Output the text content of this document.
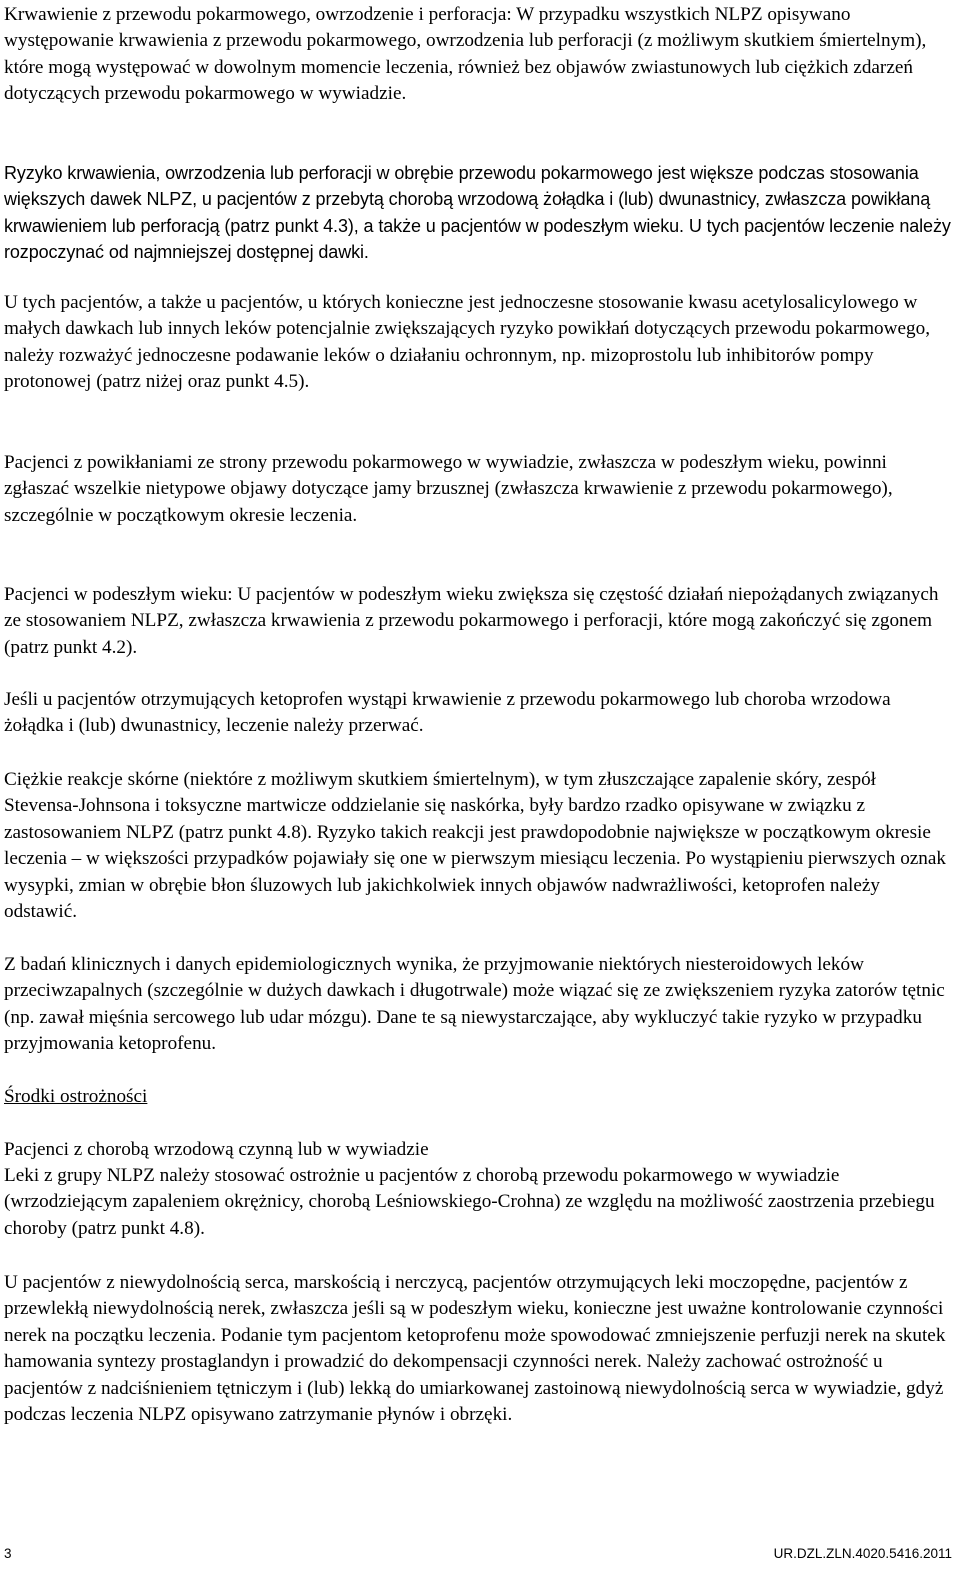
Krwawienie z przewodu pokarmowego, owrzodzenie i perforacja: W przypadku wszystkich NLPZ opisywano występowanie krwawienia z przewodu pokarmowego, owrzodzenia lub perforacji (z możliwym skutkiem śmiertelnym), które mogą występować w dowolnym momencie leczenia, również bez objawów zwiastunowych lub ciężkich zdarzeń dotyczących przewodu pokarmowego w wywiadzie.

Ryzyko krwawienia, owrzodzenia lub perforacji w obrębie przewodu pokarmowego jest większe podczas stosowania większych dawek NLPZ, u pacjentów z przebytą chorobą wrzodową żołądka i (lub) dwunastnicy, zwłaszcza powikłaną krwawieniem lub perforacją (patrz punkt 4.3), a także u pacjentów w podeszłym wieku. U tych pacjentów leczenie należy rozpoczynać od najmniejszej dostępnej dawki.

U tych pacjentów, a także u pacjentów, u których konieczne jest jednoczesne stosowanie kwasu acetylosalicylowego w małych dawkach lub innych leków potencjalnie zwiększających ryzyko powikłań dotyczących przewodu pokarmowego, należy rozważyć jednoczesne podawanie leków o działaniu ochronnym, np. mizoprostolu lub inhibitorów pompy protonowej (patrz niżej oraz punkt 4.5).

Pacjenci z powikłaniami ze strony przewodu pokarmowego w wywiadzie, zwłaszcza w podeszłym wieku, powinni zgłaszać wszelkie nietypowe objawy dotyczące jamy brzusznej (zwłaszcza krwawienie z przewodu pokarmowego), szczególnie w początkowym okresie leczenia.

Pacjenci w podeszłym wieku: U pacjentów w podeszłym wieku zwiększa się częstość działań niepożądanych związanych ze stosowaniem NLPZ, zwłaszcza krwawienia z przewodu pokarmowego i perforacji, które mogą zakończyć się zgonem (patrz punkt 4.2).

Jeśli u pacjentów otrzymujących ketoprofen wystąpi krwawienie z przewodu pokarmowego lub choroba wrzodowa żołądka i (lub) dwunastnicy, leczenie należy przerwać.

Ciężkie reakcje skórne (niektóre z możliwym skutkiem śmiertelnym), w tym złuszczające zapalenie skóry, zespół Stevensa-Johnsona i toksyczne martwicze oddzielanie się naskórka, były bardzo rzadko opisywane w związku z zastosowaniem NLPZ (patrz punkt 4.8). Ryzyko takich reakcji jest prawdopodobnie największe w początkowym okresie leczenia – w większości przypadków pojawiały się one w pierwszym miesiącu leczenia. Po wystąpieniu pierwszych oznak wysypki, zmian w obrębie błon śluzowych lub jakichkolwiek innych objawów nadwrażliwości, ketoprofen należy odstawić.

Z badań klinicznych i danych epidemiologicznych wynika, że przyjmowanie niektórych niesteroidowych leków przeciwzapalnych (szczególnie w dużych dawkach i długotrwale) może wiązać się ze zwiększeniem ryzyka zatorów tętnic (np. zawał mięśnia sercowego lub udar mózgu). Dane te są niewystarczające, aby wykluczyć takie ryzyko w przypadku przyjmowania ketoprofenu.

Środki ostrożności

Pacjenci z chorobą wrzodową czynną lub w wywiadzie

Leki z grupy NLPZ należy stosować ostrożnie u pacjentów z chorobą przewodu pokarmowego w wywiadzie (wrzodziejącym zapaleniem okrężnicy, chorobą Leśniowskiego-Crohna) ze względu na możliwość zaostrzenia przebiegu choroby (patrz punkt 4.8).

U pacjentów z niewydolnością serca, marskością i nerczycą, pacjentów otrzymujących leki moczopędne, pacjentów z przewlekłą niewydolnością nerek, zwłaszcza jeśli są w podeszłym wieku, konieczne jest uważne kontrolowanie czynności nerek na początku leczenia. Podanie tym pacjentom ketoprofenu może spowodować zmniejszenie perfuzji nerek na skutek hamowania syntezy prostaglandyn i prowadzić do dekompensacji czynności nerek. Należy zachować ostrożność u pacjentów z nadciśnieniem tętniczym i (lub) lekką do umiarkowanej zastoinową niewydolnością serca w wywiadzie, gdyż podczas leczenia NLPZ opisywano zatrzymanie płynów i obrzęki.

3	UR.DZL.ZLN.4020.5416.2011
